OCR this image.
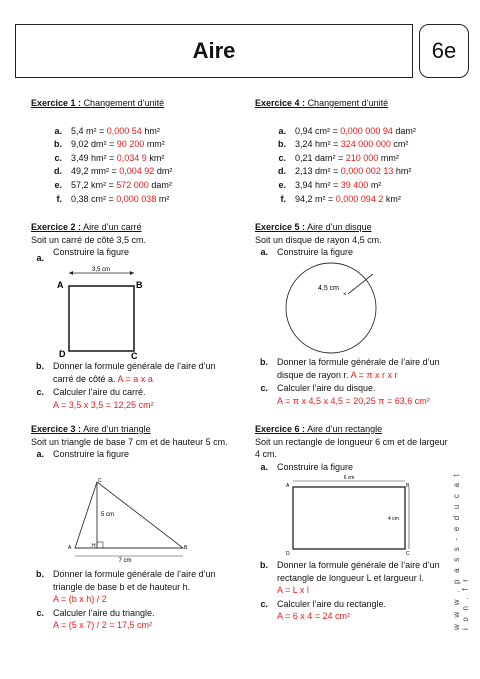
Aire	6e
Exercice 1 : Changement d’unité
a.	5,4 m² = 0,000 54 hm²
b.	9,02 dm² = 90 200 mm²
c.	3,49 hm² = 0,034 9 km²
d.	49,2 mm² = 0,004 92 dm²
e.	57,2 km² = 572 000 dam²
f.	0,38 cm² = 0,000 038 m²
Exercice 4 : Changement d’unité
a.	0,94 cm² = 0,000 000 94 dam²
b.	3,24 hm² = 324 000 000 cm²
c.	0,21 dam² = 210 000 mm²
d.	2,13 dm² = 0,000 002 13 hm²
e.	3,94 hm² = 39 400 m²
f.	94,2 m² = 0,000 094 2 km²
Exercice 2 : Aire d’un carré
Soit un carré de côté 3,5 cm.
a.
Construire la figure
3,5 cm
A	B
C
D
b.	Donner la formule générale de l’aire d’un
carré de côté a. A = a x a
c.	Calculer l’aire du carré.
A = 3,5 x 3,5 = 12,25 cm²
Exercice 3 : Aire d’un triangle
Soit un triangle de base 7 cm et de hauteur 5 cm.
a.	Construire la figure
5 cm
7 cm
A	B
C
H
b.	Donner la formule générale de l’aire d’un
triangle de base b et de hauteur h.
A = (b x h) / 2
c.	Calculer l’aire du triangle.
A = (5 x 7) / 2 = 17,5 cm²
Exercice 5 : Aire d’un disque
Soit un disque de rayon 4,5 cm.
a.	Construire la figure
×
4,5 cm
b.	Donner la formule générale de l’aire d’un
disque de rayon r. A = π x r x r
c.	Calculer l’aire du disque.
A = π x 4,5 x 4,5 = 20,25 π = 63,6 cm²
Exercice 6 : Aire d’un rectangle
Soit un rectangle de longueur 6 cm et de largeur
4 cm.
a.	Construire la figure
6 cm
4 cm
A	B
C
D
b.	Donner la formule générale de l’aire d’un
rectangle de longueur L et largueur l.
A = L x l
c.	Calculer l’aire du rectangle.
A = 6 x 4 = 24 cm²	w w w . p a s s - e d u c a t i o n . f r
